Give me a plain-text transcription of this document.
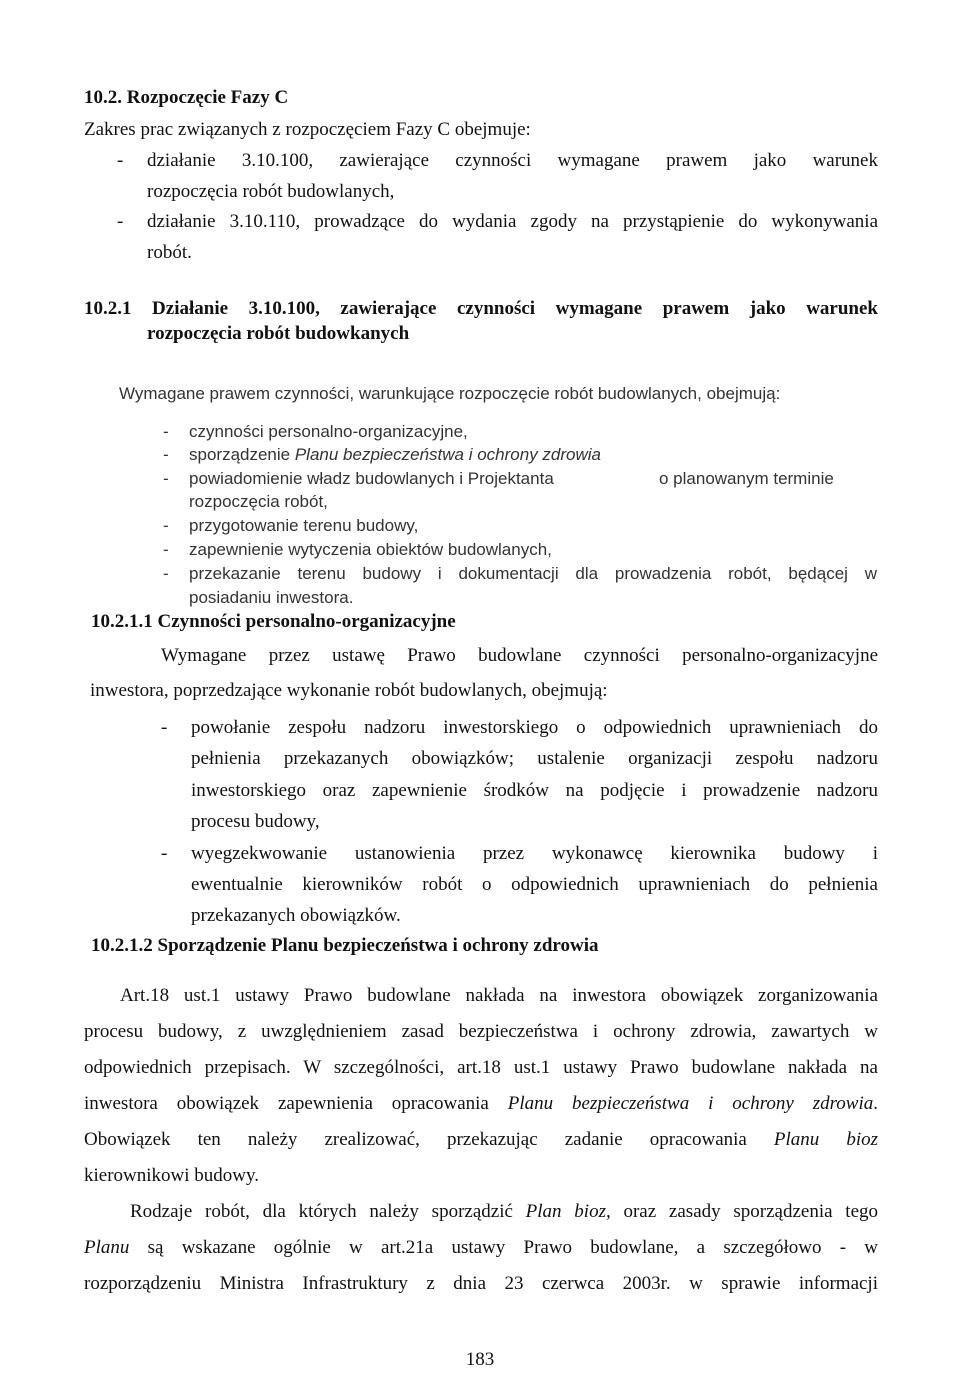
10.2. Rozpoczęcie Fazy C
Zakres prac związanych z rozpoczęciem Fazy C obejmuje:
- działanie 3.10.100, zawierające czynności wymagane prawem jako warunek
rozpoczęcia robót budowlanych,
- działanie 3.10.110, prowadzące do wydania zgody na przystąpienie do wykonywania
robót.
10.2.1 Działanie 3.10.100, zawierające czynności wymagane prawem jako warunek
rozpoczęcia robót budowkanych
Wymagane prawem czynności, warunkujące rozpoczęcie robót budowlanych, obejmują:
- czynności personalno-organizacyjne,
- sporządzenie Planu bezpieczeństwa i ochrony zdrowia
- powiadomienie władz budowlanych i Projektanta	o planowanym terminie
rozpoczęcia robót,
- przygotowanie terenu budowy,
- zapewnienie wytyczenia obiektów budowlanych,
- przekazanie terenu budowy i dokumentacji dla prowadzenia robót, będącej w
posiadaniu inwestora.
10.2.1.1 Czynności personalno-organizacyjne
Wymagane przez ustawę Prawo budowlane czynności personalno-organizacyjne
inwestora, poprzedzające wykonanie robót budowlanych, obejmują:
- powołanie zespołu nadzoru inwestorskiego o odpowiednich uprawnieniach do
pełnienia przekazanych obowiązków; ustalenie organizacji zespołu nadzoru
inwestorskiego oraz zapewnienie środków na podjęcie i prowadzenie nadzoru
procesu budowy,
- wyegzekwowanie ustanowienia przez wykonawcę kierownika budowy i
ewentualnie kierowników robót o odpowiednich uprawnieniach do pełnienia
przekazanych obowiązków.
10.2.1.2 Sporządzenie Planu bezpieczeństwa i ochrony zdrowia
Art.18 ust.1 ustawy Prawo budowlane nakłada na inwestora obowiązek zorganizowania
procesu budowy, z uwzględnieniem zasad bezpieczeństwa i ochrony zdrowia, zawartych w
odpowiednich przepisach. W szczególności, art.18 ust.1 ustawy Prawo budowlane nakłada na
inwestora obowiązek zapewnienia opracowania Planu bezpieczeństwa i ochrony zdrowia.
Obowiązek ten należy zrealizować, przekazując zadanie opracowania Planu bioz
kierownikowi budowy.
Rodzaje robót, dla których należy sporządzić Plan bioz, oraz zasady sporządzenia tego
Planu są wskazane ogólnie w art.21a ustawy Prawo budowlane, a szczegółowo - w
rozporządzeniu Ministra Infrastruktury z dnia 23 czerwca 2003r. w sprawie informacji
183
